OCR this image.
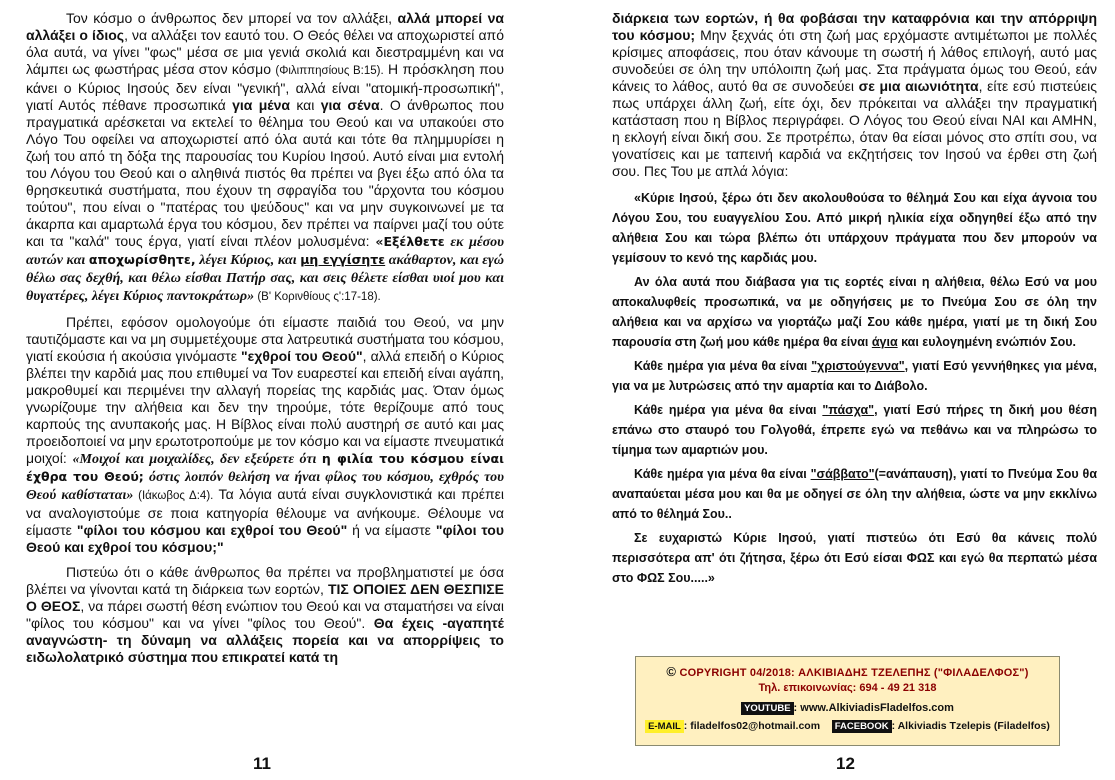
Τον κόσμο ο άνθρωπος δεν μπορεί να τον αλλάξει, αλλά μπορεί να αλλάξει ο ίδιος, να αλλάξει τον εαυτό του. Ο Θεός θέλει να αποχωριστεί από όλα αυτά, να γίνει "φως" μέσα σε μια γενιά σκολιά και διεστραμμένη και να λάμπει ως φωστήρας μέσα στον κόσμο (Φιλιππησίους Β:15). Η πρόσκληση που κάνει ο Κύριος Ιησούς δεν είναι "γενική", αλλά είναι "ατομική-προσωπική", γιατί Αυτός πέθανε προσωπικά για μένα και για σένα. Ο άνθρωπος που πραγματικά αρέσκεται να εκτελεί το θέλημα του Θεού και να υπακούει στο Λόγο Του οφείλει να αποχωριστεί από όλα αυτά και τότε θα πλημμυρίσει η ζωή του από τη δόξα της παρουσίας του Κυρίου Ιησού. Αυτό είναι μια εντολή του Λόγου του Θεού και ο αληθινά πιστός θα πρέπει να βγει έξω από όλα τα θρησκευτικά συστήματα, που έχουν τη σφραγίδα του "άρχοντα του κόσμου τούτου", που είναι ο "πατέρας του ψεύδους" και να μην συγκοινωνεί με τα άκαρπα και αμαρτωλά έργα του κόσμου, δεν πρέπει να παίρνει μαζί του ούτε και τα "καλά" τους έργα, γιατί είναι πλέον μολυσμένα: «Εξέλθετε εκ μέσου αυτών και αποχωρίσθητε, λέγει Κύριος, και μη εγγίσητε ακάθαρτον, και εγώ θέλω σας δεχθή, και θέλω είσθαι Πατήρ σας, και σεις θέλετε είσθαι υιοί μου και θυγατέρες, λέγει Κύριος παντοκράτωρ» (Β' Κορινθίους ς':17-18).

Πρέπει, εφόσον ομολογούμε ότι είμαστε παιδιά του Θεού, να μην ταυτιζόμαστε και να μη συμμετέχουμε στα λατρευτικά συστήματα του κόσμου, γιατί εκούσια ή ακούσια γινόμαστε "εχθροί του Θεού", αλλά επειδή ο Κύριος βλέπει την καρδιά μας που επιθυμεί να Τον ευαρεστεί και επειδή είναι αγάπη, μακροθυμεί και περιμένει την αλλαγή πορείας της καρδιάς μας. Όταν όμως γνωρίζουμε την αλήθεια και δεν την τηρούμε, τότε θερίζουμε από τους καρπούς της ανυπακοής μας. Η Βίβλος είναι πολύ αυστηρή σε αυτό και μας προειδοποιεί να μην ερωτοτροπούμε με τον κόσμο και να είμαστε πνευματικά μοιχοί: «Μοιχοί και μοιχαλίδες, δεν εξεύρετε ότι η φιλία του κόσμου είναι έχθρα του Θεού; όστις λοιπόν θελήση να ήναι φίλος του κόσμου, εχθρός του Θεού καθίσταται» (Ιάκωβος Δ:4). Τα λόγια αυτά είναι συγκλονιστικά και πρέπει να αναλογιστούμε σε ποια κατηγορία θέλουμε να ανήκουμε. Θέλουμε να είμαστε "φίλοι του κόσμου και εχθροί του Θεού" ή να είμαστε "φίλοι του Θεού και εχθροί του κόσμου;"

Πιστεύω ότι ο κάθε άνθρωπος θα πρέπει να προβληματιστεί με όσα βλέπει να γίνονται κατά τη διάρκεια των εορτών, ΤΙΣ ΟΠΟΙΕΣ ΔΕΝ ΘΕΣΠΙΣΕ Ο ΘΕΟΣ, να πάρει σωστή θέση ενώπιον του Θεού και να σταματήσει να είναι "φίλος του κόσμου" και να γίνει "φίλος του Θεού". Θα έχεις -αγαπητέ αναγνώστη- τη δύναμη να αλλάξεις πορεία και να απορρίψεις το ειδωλολατρικό σύστημα που επικρατεί κατά τη

11

διάρκεια των εορτών, ή θα φοβάσαι την καταφρόνια και την απόρριψη του κόσμου; Μην ξεχνάς ότι στη ζωή μας ερχόμαστε αντιμέτωποι με πολλές κρίσιμες αποφάσεις, που όταν κάνουμε τη σωστή ή λάθος επιλογή, αυτό μας συνοδεύει σε όλη την υπόλοιπη ζωή μας. Στα πράγματα όμως του Θεού, εάν κάνεις το λάθος, αυτό θα σε συνοδεύει σε μια αιωνιότητα, είτε εσύ πιστεύεις πως υπάρχει άλλη ζωή, είτε όχι, δεν πρόκειται να αλλάξει την πραγματική κατάσταση που η Βίβλος περιγράφει. Ο Λόγος του Θεού είναι ΝΑΙ και ΑΜΗΝ, η εκλογή είναι δική σου. Σε προτρέπω, όταν θα είσαι μόνος στο σπίτι σου, να γονατίσεις και με ταπεινή καρδιά να εκζητήσεις τον Ιησού να έρθει στη ζωή σου. Πες Του με απλά λόγια:

«Κύριε Ιησού, ξέρω ότι δεν ακολουθούσα το θέλημά Σου και είχα άγνοια του Λόγου Σου, του ευαγγελίου Σου. Από μικρή ηλικία είχα οδηγηθεί έξω από την αλήθεια Σου και τώρα βλέπω ότι υπάρχουν πράγματα που δεν μπορούν να γεμίσουν το κενό της καρδιάς μου.

Αν όλα αυτά που διάβασα για τις εορτές είναι η αλήθεια, θέλω Εσύ να μου αποκαλυφθείς προσωπικά, να με οδηγήσεις με το Πνεύμα Σου σε όλη την αλήθεια και να αρχίσω να γιορτάζω μαζί Σου κάθε ημέρα, γιατί με τη δική Σου παρουσία στη ζωή μου κάθε ημέρα θα είναι άγια και ευλογημένη ενώπιόν Σου.

Κάθε ημέρα για μένα θα είναι "χριστούγεννα", γιατί Εσύ γεννήθηκες για μένα, για να με λυτρώσεις από την αμαρτία και το Διάβολο.

Κάθε ημέρα για μένα θα είναι "πάσχα", γιατί Εσύ πήρες τη δική μου θέση επάνω στο σταυρό του Γολγοθά, έπρεπε εγώ να πεθάνω και να πληρώσω το τίμημα των αμαρτιών μου.

Κάθε ημέρα για μένα θα είναι "σάββατο"(=ανάπαυση), γιατί το Πνεύμα Σου θα αναπαύεται μέσα μου και θα με οδηγεί σε όλη την αλήθεια, ώστε να μην εκκλίνω από το θέλημά Σου..

Σε ευχαριστώ Κύριε Ιησού, γιατί πιστεύω ότι Εσύ θα κάνεις πολύ περισσότερα απ' ότι ζήτησα, ξέρω ότι Εσύ είσαι ΦΩΣ και εγώ θα περπατώ μέσα στο ΦΩΣ Σου.....»

12
© COPYRIGHT 04/2018: ΑΛΚΙΒΙΑΔΗΣ ΤΖΕΛΕΠΗΣ ("ΦΙΛΑΔΕΛΦΟΣ")
Τηλ. επικοινωνίας: 694 - 49 21 318
YOUTUBE : www.AlkiviadisFladelfos.com
E-MAIL : filadelfos02@hotmail.com FACEBOOK : Alkiviadis Tzelepis (Filadelfos)
